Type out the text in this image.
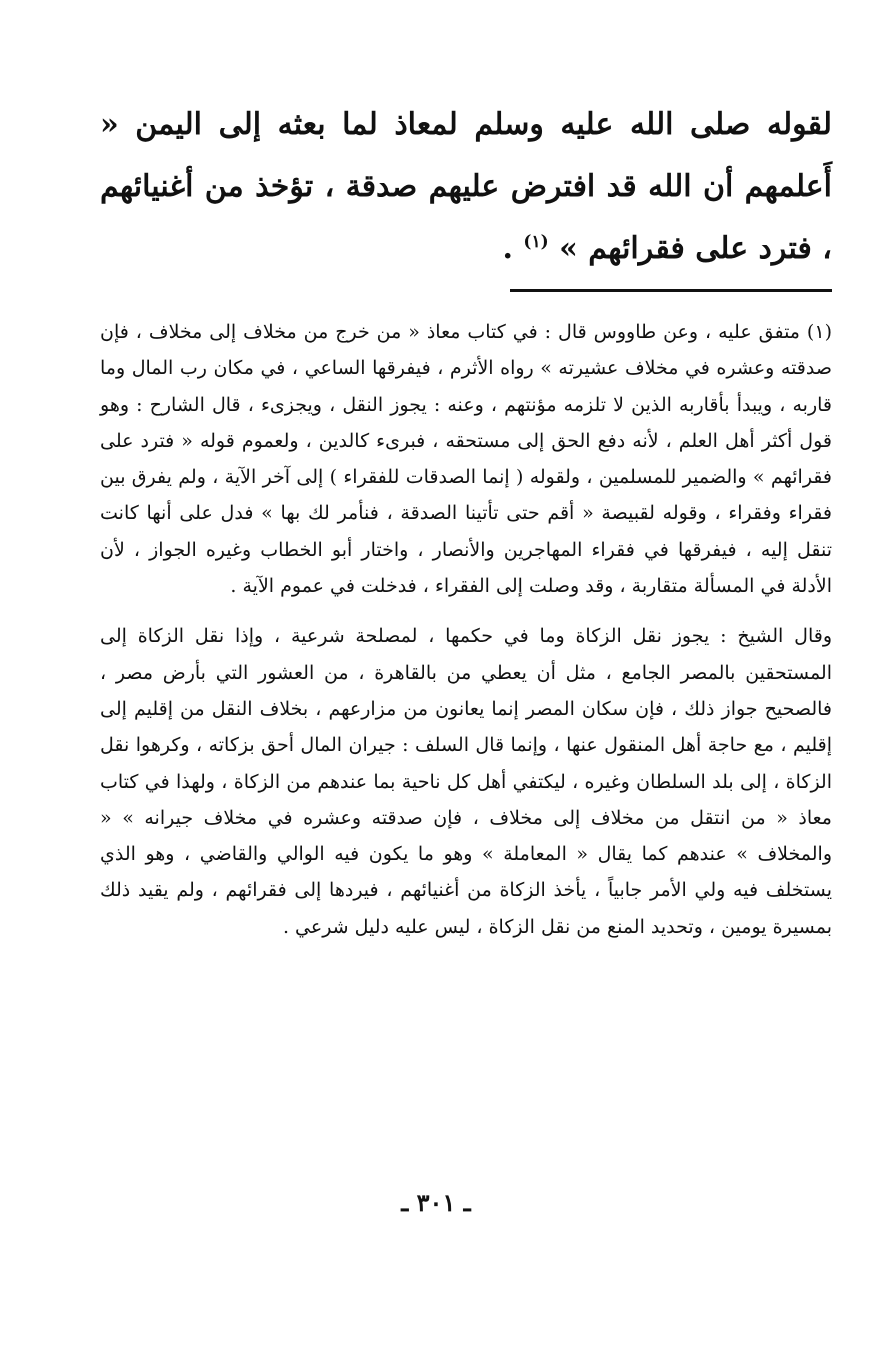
لقوله صلى الله عليه وسلم لمعاذ لما بعثه إلى اليمن « أَعلمهم أن الله قد افترض عليهم صدقة ، تؤخذ من أغنيائهم ، فترد على فقرائهم » $^{(١)}$ .

(١) متفق عليه ، وعن طاووس قال : في كتاب معاذ « من خرج من مخلاف إلى مخلاف ، فإن صدقته وعشره في مخلاف عشيرته » رواه الأثرم ، فيفرقها الساعي ، في مكان رب المال وما قاربه ، ويبدأ بأقاربه الذين لا تلزمه مؤنتهم ، وعنه : يجوز النقل ، ويجزىء ، قال الشارح : وهو قول أكثر أهل العلم ، لأنه دفع الحق إلى مستحقه ، فبرىء كالدين ، ولعموم قوله « فترد على فقرائهم » والضمير للمسلمين ، ولقوله ( إنما الصدقات للفقراء ) إلى آخر الآية ، ولم يفرق بين فقراء وفقراء ، وقوله لقبيصة « أقم حتى تأتينا الصدقة ، فنأمر لك بها » فدل على أنها كانت تنقل إليه ، فيفرقها في فقراء المهاجرين والأنصار ، واختار أبو الخطاب وغيره الجواز ، لأن الأدلة في المسألة متقاربة ، وقد وصلت إلى الفقراء ، فدخلت في عموم الآية .

وقال الشيخ : يجوز نقل الزكاة وما في حكمها ، لمصلحة شرعية ، وإذا نقل الزكاة إلى المستحقين بالمصر الجامع ، مثل أن يعطي من بالقاهرة ، من العشور التي بأرض مصر ، فالصحيح جواز ذلك ، فإن سكان المصر إنما يعانون من مزارعهم ، بخلاف النقل من إقليم إلى إقليم ، مع حاجة أهل المنقول عنها ، وإنما قال السلف : جيران المال أحق بزكاته ، وكرهوا نقل الزكاة ، إلى بلد السلطان وغيره ، ليكتفي أهل كل ناحية بما عندهم من الزكاة ، ولهذا في كتاب معاذ « من انتقل من مخلاف إلى مخلاف ، فإن صدقته وعشره في مخلاف جيرانه » « والمخلاف » عندهم كما يقال « المعاملة » وهو ما يكون فيه الوالي والقاضي ، وهو الذي يستخلف فيه ولي الأمر جابياً ، يأخذ الزكاة من أغنيائهم ، فيردها إلى فقرائهم ، ولم يقيد ذلك بمسيرة يومين ، وتحديد المنع من نقل الزكاة ، ليس عليه دليل شرعي .

ـ ٣٠١ ـ
